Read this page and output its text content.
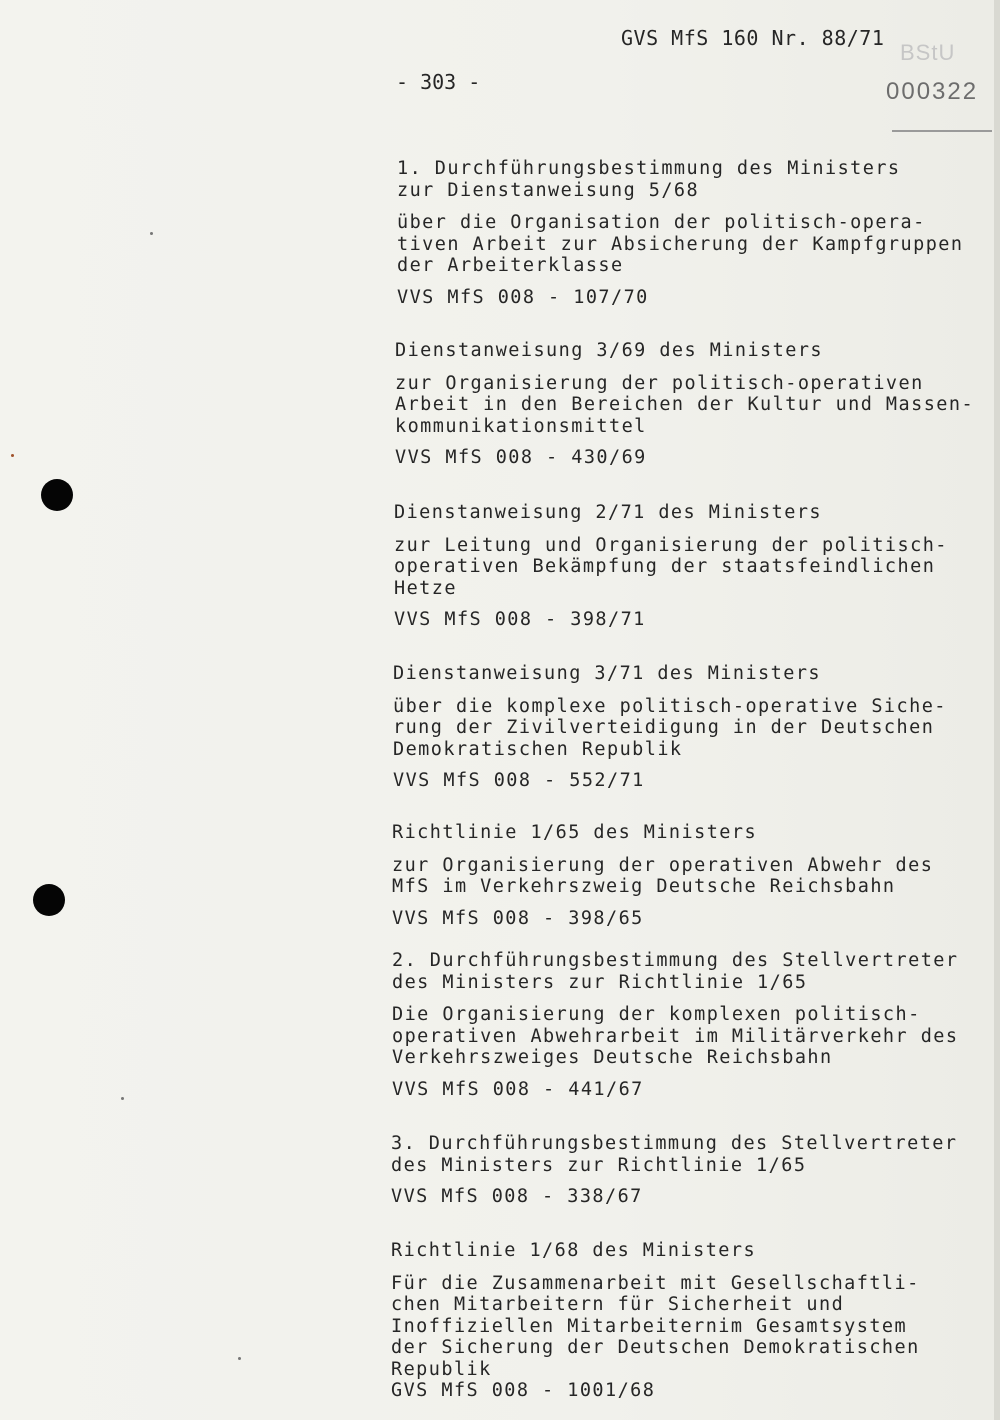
GVS MfS 160 Nr. 88/71
- 303 -
BStU
000322
1. Durchführungsbestimmung des Ministers
zur Dienstanweisung 5/68
über die Organisation der politisch-opera-
tiven Arbeit zur Absicherung der Kampfgruppen
der Arbeiterklasse
VVS MfS 008 - 107/70
Dienstanweisung 3/69 des Ministers
zur Organisierung der politisch-operativen
Arbeit in den Bereichen der Kultur und Massen-
kommunikationsmittel
VVS MfS 008 - 430/69
Dienstanweisung 2/71 des Ministers
zur Leitung und Organisierung der politisch-
operativen Bekämpfung der staatsfeindlichen
Hetze
VVS MfS 008 - 398/71
Dienstanweisung 3/71 des Ministers
über die komplexe politisch-operative Siche-
rung der Zivilverteidigung in der Deutschen
Demokratischen Republik
VVS MfS 008 - 552/71
Richtlinie 1/65 des Ministers
zur Organisierung der operativen Abwehr des
MfS im Verkehrszweig Deutsche Reichsbahn
VVS MfS 008 - 398/65
2. Durchführungsbestimmung des Stellvertreter
des Ministers zur Richtlinie 1/65
Die Organisierung der komplexen politisch-
operativen Abwehrarbeit im Militärverkehr des
Verkehrszweiges Deutsche Reichsbahn
VVS MfS 008 - 441/67
3. Durchführungsbestimmung des Stellvertreter
des Ministers zur Richtlinie 1/65
VVS MfS 008 - 338/67
Richtlinie 1/68 des Ministers
Für die Zusammenarbeit mit Gesellschaftli-
chen Mitarbeitern für Sicherheit und
Inoffiziellen Mitarbeiternim Gesamtsystem
der Sicherung der Deutschen Demokratischen
Republik
GVS MfS 008 - 1001/68
